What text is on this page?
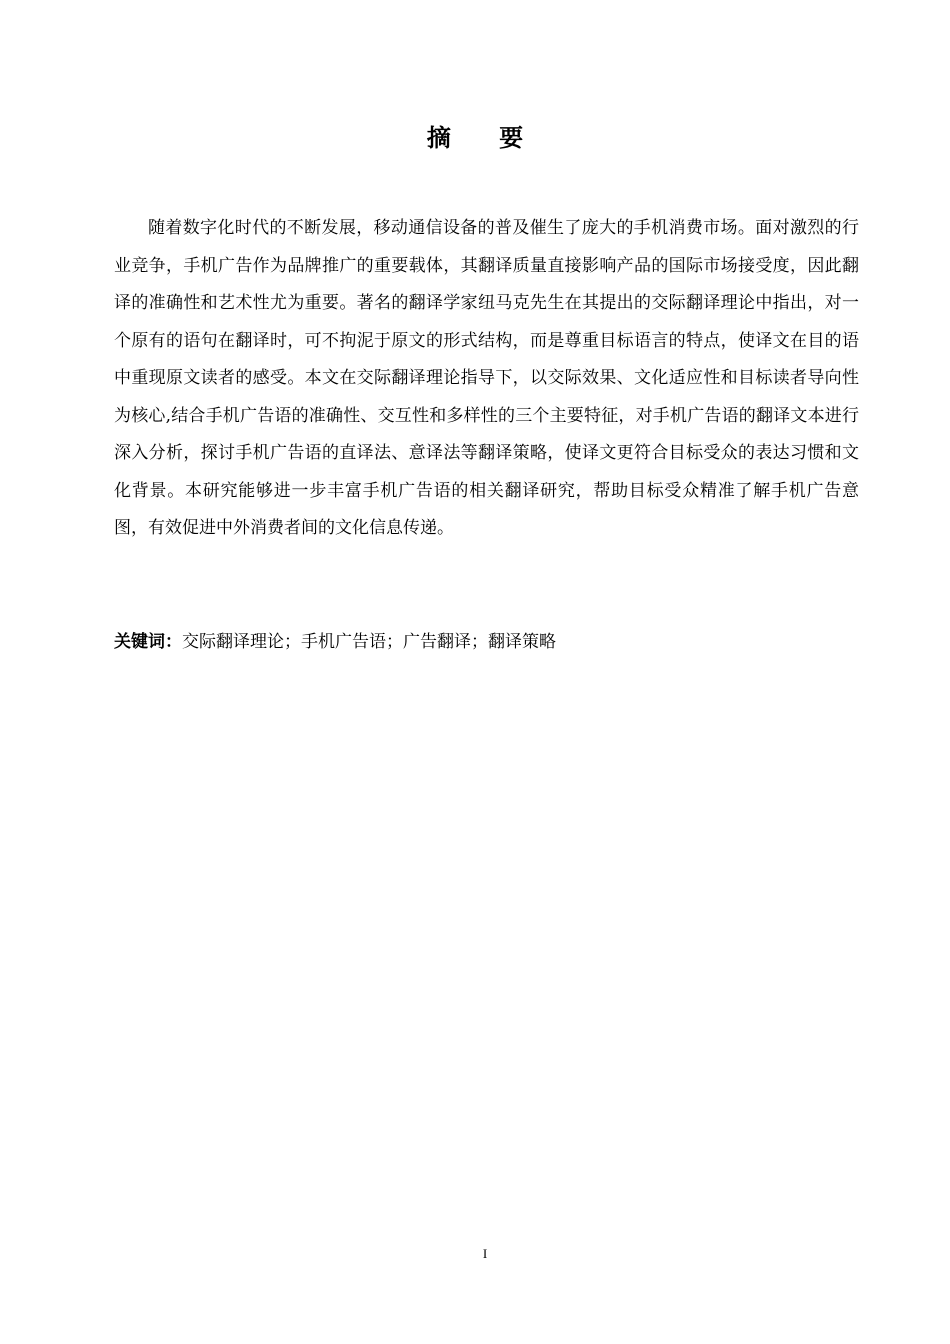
摘 要

随着数字化时代的不断发展，移动通信设备的普及催生了庞大的手机消费市场。面对激烈的行业竞争，手机广告作为品牌推广的重要载体，其翻译质量直接影响产品的国际市场接受度，因此翻译的准确性和艺术性尤为重要。著名的翻译学家纽马克先生在其提出的交际翻译理论中指出，对一个原有的语句在翻译时，可不拘泥于原文的形式结构，而是尊重目标语言的特点，使译文在目的语中重现原文读者的感受。本文在交际翻译理论指导下，以交际效果、文化适应性和目标读者导向性为核心,结合手机广告语的准确性、交互性和多样性的三个主要特征，对手机广告语的翻译文本进行深入分析，探讨手机广告语的直译法、意译法等翻译策略，使译文更符合目标受众的表达习惯和文化背景。本研究能够进一步丰富手机广告语的相关翻译研究，帮助目标受众精准了解手机广告意图，有效促进中外消费者间的文化信息传递。

关键词：交际翻译理论；手机广告语；广告翻译；翻译策略

I
